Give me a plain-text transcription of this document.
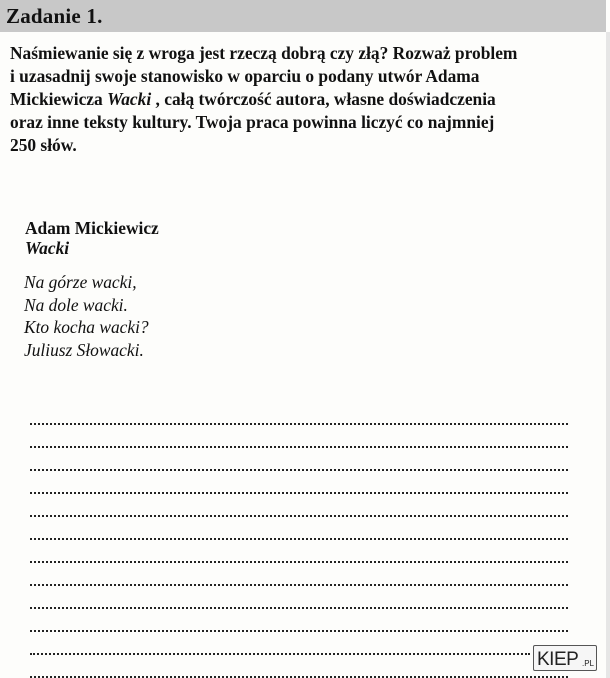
Zadanie 1.
Naśmiewanie się z wroga jest rzeczą dobrą czy złą? Rozważ problem
i uzasadnij swoje stanowisko w oparciu o podany utwór Adama
Mickiewicza Wacki , całą twórczość autora, własne doświadczenia
oraz inne teksty kultury. Twoja praca powinna liczyć co najmniej
250 słów.
Adam Mickiewicz
Wacki
Na górze wacki,
Na dole wacki.
Kto kocha wacki?
Juliusz Słowacki.
KIEP .PL
